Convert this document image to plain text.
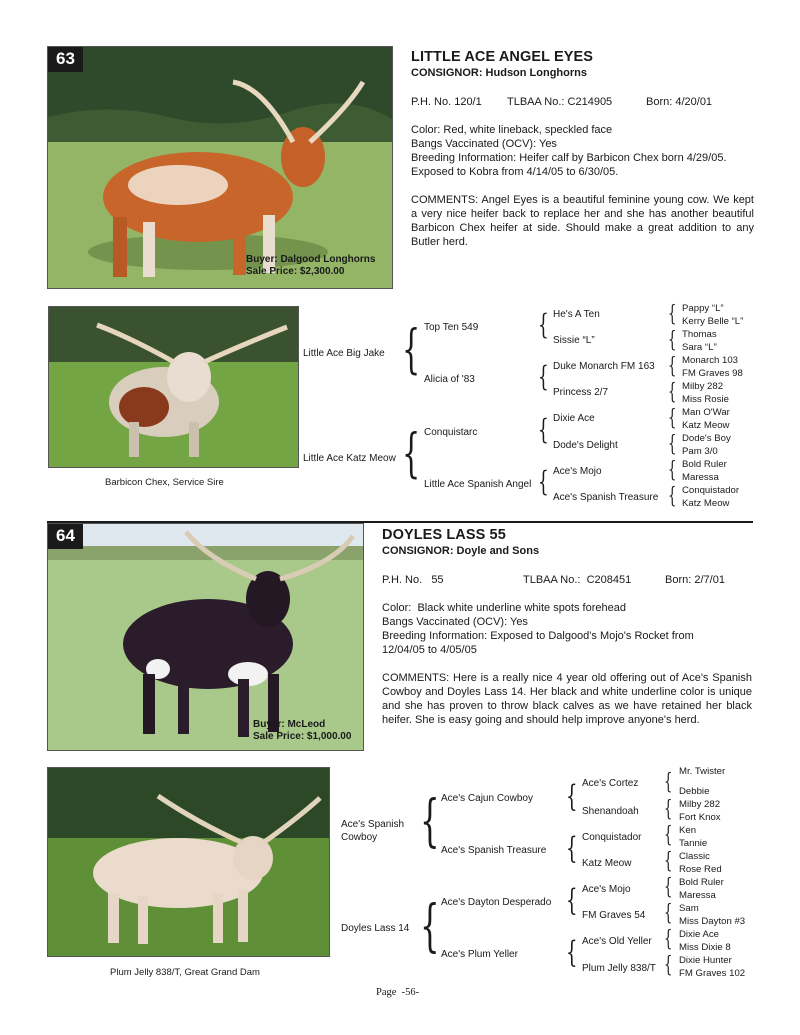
63
Buyer: Dalgood Longhorns
Sale Price: $2,300.00
LITTLE ACE ANGEL EYES
CONSIGNOR: Hudson Longhorns
P.H. No. 120/1 TLBAA No.: C214905	Born: 4/20/01
Color: Red, white lineback, speckled face
Bangs Vaccinated (OCV): Yes
Breeding Information: Heifer calf by Barbicon Chex born 4/29/05.
Exposed to Kobra from 4/14/05 to 6/30/05.
COMMENTS: Angel Eyes is a beautiful feminine young cow. We kept a very nice heifer back to replace her and she has another beautiful Barbicon Chex heifer at side. Should make a great addition to any Butler herd.
Barbicon Chex, Service Sire
Little Ace Big Jake
Little Ace Katz Meow
{
{
Top Ten 549
Alicia of '83
Conquistarc
Little Ace Spanish Angel
{
{
{
{
He's A Ten
Sissie “L”
Duke Monarch FM 163
Princess 2/7
Dixie Ace
Dode's Delight
Ace's Mojo
Ace's Spanish Treasure
{
{
{
{
{
{
{
{
Pappy “L”
Kerry Belle “L”
Thomas
Sara “L”
Monarch 103
FM Graves 98
Milby 282
Miss Rosie
Man O'War
Katz Meow
Dode's Boy
Pam 3/0
Bold Ruler
Maressa
Conquistador
Katz Meow
64
Buyer: McLeod
Sale Price: $1,000.00
DOYLES LASS 55
CONSIGNOR: Doyle and Sons
P.H. No.   55	TLBAA No.:  C208451	Born: 2/7/01
Color:  Black white underline white spots forehead
Bangs Vaccinated (OCV): Yes
Breeding Information: Exposed to Dalgood's Mojo's Rocket from
12/04/05 to 4/05/05
COMMENTS: Here is a really nice 4 year old offering out of Ace's Spanish Cowboy and Doyles Lass 14. Her black and white underline color is unique and she has proven to throw black calves as we have retained her black heifer. She is easy going and should help improve anyone's herd.
Plum Jelly 838/T, Great Grand Dam
Ace's Spanish Cowboy
Doyles Lass 14
{
{
Ace's Cajun Cowboy
Ace's Spanish Treasure
Ace's Dayton Desperado
Ace's Plum Yeller
{
{
{
{
Ace's Cortez
Shenandoah
Conquistador
Katz Meow
Ace's Mojo
FM Graves 54
Ace's Old Yeller
Plum Jelly 838/T
{
{
{
{
{
{
{
{
Mr. Twister
Debbie
Milby 282
Fort Knox
Ken
Tannie
Classic
Rose Red
Bold Ruler
Maressa
Sam
Miss Dayton #3
Dixie Ace
Miss Dixie 8
Dixie Hunter
FM Graves 102
Page  -56-
